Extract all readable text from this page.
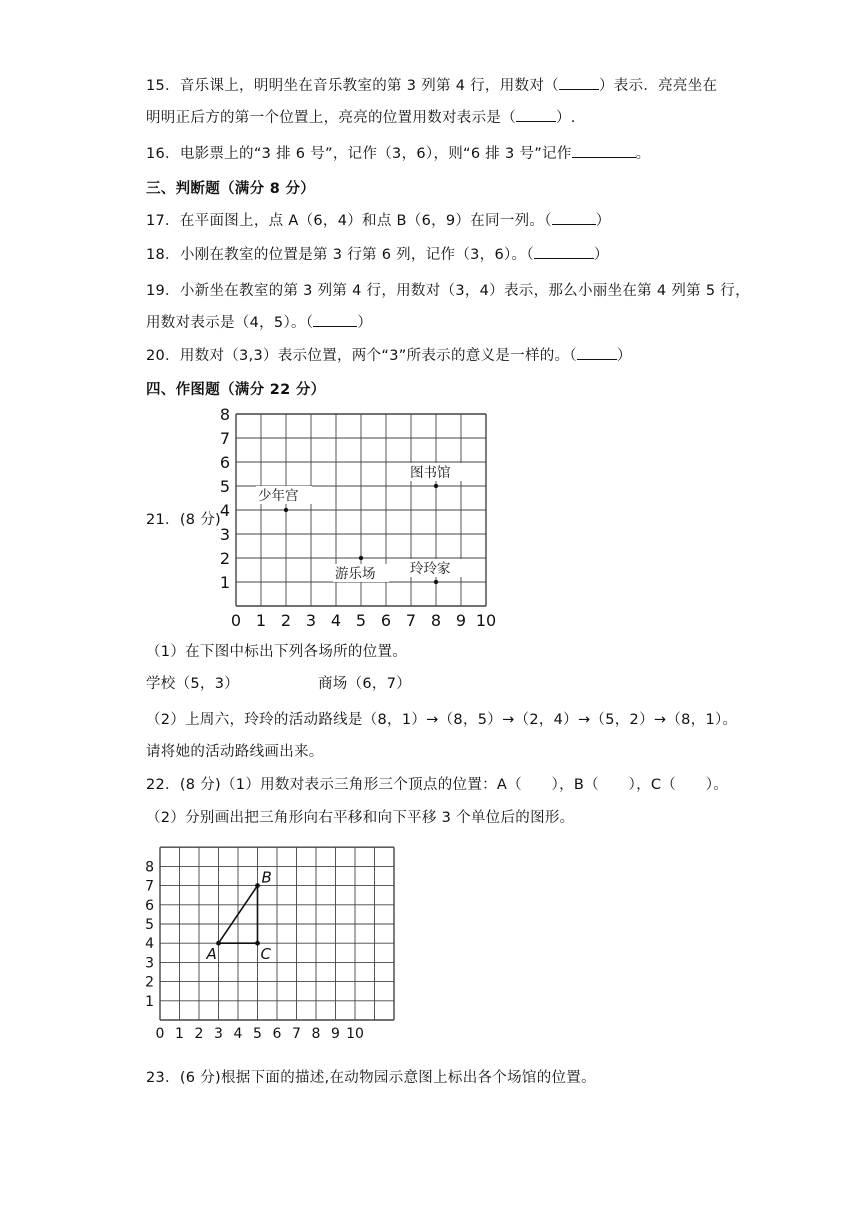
15．音乐课上，明明坐在音乐教室的第 3 列第 4 行，用数对（	）表示．亮亮坐在
明明正后方的第一个位置上，亮亮的位置用数对表示是（	）.
16．电影票上的“3 排 6 号”，记作（3，6），则“6 排 3 号”记作	。
三、判断题（满分 8 分）
17．在平面图上，点 A（6，4）和点 B（6，9）在同一列。（	）
18．小刚在教室的位置是第 3 行第 6 列，记作（3，6）。（	）
19．小新坐在教室的第 3 列第 4 行，用数对（3，4）表示，那么小丽坐在第 4 列第 5 行，
用数对表示是（4，5）。（	）
20．用数对（3,3）表示位置，两个“3”所表示的意义是一样的。（	）
四、作图题（满分 22 分）
21．(8 分)
0 1 2 3 4 5 6 7 8 9 10
1
2
3
4
5
6
7
8
少年宫
图书馆
游乐场	玲玲家
（1）在下图中标出下列各场所的位置。
学校（5，3）	商场（6，7）
（2）上周六，玲玲的活动路线是（8，1）→（8，5）→（2，4）→（5，2）→（8，1）。
请将她的活动路线画出来。
22．(8 分)（1）用数对表示三角形三个顶点的位置：A（　　），B（　　），C（　　）。
（2）分别画出把三角形向右平移和向下平移 3 个单位后的图形。
0 1 2 3 4 5 6 7 8 9 10
1
2
3
4
5
6
7
8
A
B
C
23．(6 分)根据下面的描述,在动物园示意图上标出各个场馆的位置。
